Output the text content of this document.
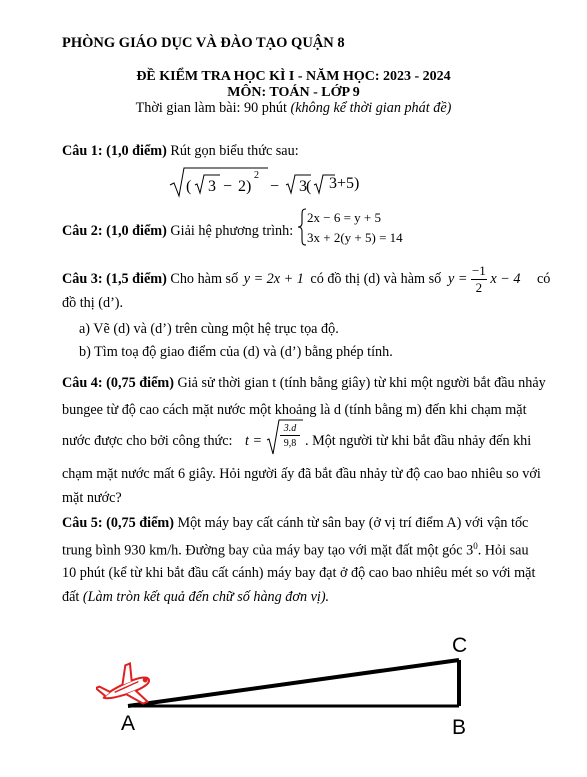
PHÒNG GIÁO DỤC VÀ ĐÀO TẠO QUẬN 8
ĐỀ KIỂM TRA HỌC KÌ I - NĂM HỌC: 2023 - 2024
MÔN: TOÁN - LỚP 9
Thời gian làm bài: 90 phút (không kể thời gian phát đề)
Câu 1: (1,0 điểm) Rút gọn biểu thức sau:
( 3 − 2)
2
− 3 ( 3+5)
Câu 2: (1,0 điểm) Giải hệ phương trình:
2x − 6 = y + 5
3x + 2(y + 5) = 14
Câu 3: (1,5 điểm) Cho hàm số y = 2x + 1 có đồ thị (d) và hàm số $y = \frac{-1}{2}$ x − 4 có
đồ thị (d’).
a) Vẽ (d) và (d’) trên cùng một hệ trục tọa độ.
b) Tìm toạ độ giao điểm của (d) và (d’) bằng phép tính.
Câu 4: (0,75 điểm) Giả sử thời gian t (tính bằng giây) từ khi một người bắt đầu nhảy
bungee từ độ cao cách mặt nước một khoảng là d (tính bằng m) đến khi chạm mặt
nước được cho bởi công thức: $t = \frac{3.d}{9,8}$ . Một người từ khi bắt đầu nhảy đến khi
chạm mặt nước mất 6 giây. Hỏi người ấy đã bắt đầu nhảy từ độ cao bao nhiêu so với
mặt nước?
Câu 5: (0,75 điểm) Một máy bay cất cánh từ sân bay (ở vị trí điểm A) với vận tốc
trung bình 930 km/h. Đường bay của máy bay tạo với mặt đất một góc $3^0$. Hỏi sau
10 phút (kể từ khi bắt đầu cất cánh) máy bay đạt ở độ cao bao nhiêu mét so với mặt
đất (Làm tròn kết quả đến chữ số hàng đơn vị).
A	B
C
